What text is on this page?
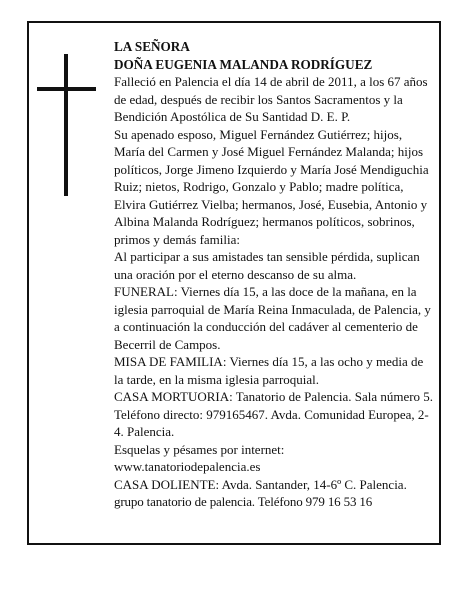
LA SEÑORA

DOÑA EUGENIA MALANDA RODRÍGUEZ

Falleció en Palencia el día 14 de abril de 2011, a los 67 años de edad, después de recibir los Santos Sacramentos y la Bendición Apostólica de Su Santidad D. E. P.

Su apenado esposo, Miguel Fernández Gutiérrez; hijos, María del Carmen y José Miguel Fernández Malanda; hijos políticos, Jorge Jimeno Izquierdo y María José Mendiguchia Ruiz; nietos, Rodrigo, Gonzalo y Pablo; madre política, Elvira Gutiérrez Vielba; hermanos, José, Eusebia, Antonio y Albina Malanda Rodríguez; hermanos políticos, sobrinos, primos y demás familia:

Al participar a sus amistades tan sensible pérdida, suplican una oración por el eterno descanso de su alma.

FUNERAL: Viernes día 15, a las doce de la mañana, en la iglesia parroquial de María Reina Inmaculada, de Palencia, y a continuación la conducción del cadáver al cementerio de Becerril de Campos.

MISA DE FAMILIA: Viernes día 15, a las ocho y media de la tarde, en la misma iglesia parroquial.

CASA MORTUORIA: Tanatorio de Palencia. Sala número 5. Teléfono directo: 979165467. Avda. Comunidad Europea, 2-4. Palencia.

Esquelas y pésames por internet:

www.tanatoriodepalencia.es

CASA DOLIENTE: Avda. Santander, 14-6º C. Palencia.

grupo tanatorio de palencia. Teléfono 979 16 53 16
